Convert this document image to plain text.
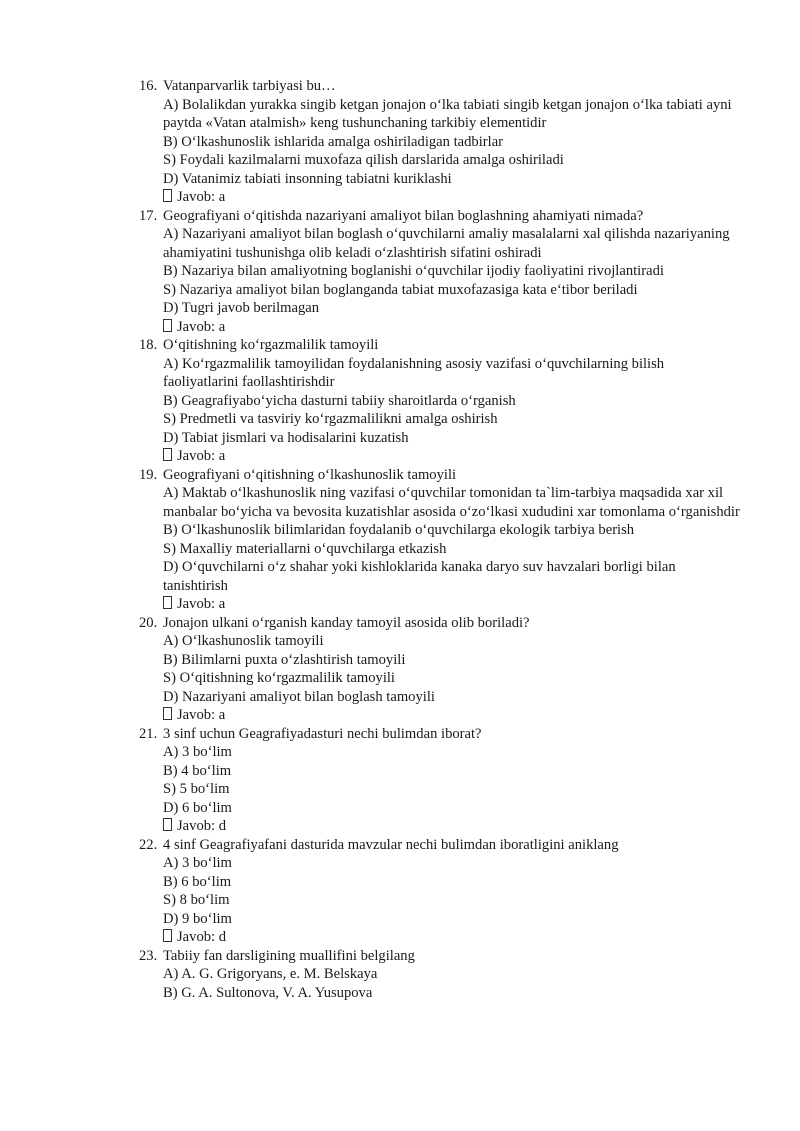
16. Vatanparvarlik tarbiyasi bu…
A) Bolalikdan yurakka singib ketgan jonajon o‘lka tabiati singib ketgan jonajon o‘lka tabiati ayni paytda «Vatan atalmish» keng tushunchaning tarkibiy elementidir
B) O‘lkashunoslik ishlarida amalga oshiriladigan tadbirlar
S) Foydali kazilmalarni muxofaza qilish darslarida amalga oshiriladi
D) Vatanimiz tabiati insonning tabiatni kuriklashi
Javob: a
17. Geografiyani o‘qitishda nazariyani amaliyot bilan boglashning ahamiyati nimada?
A) Nazariyani amaliyot bilan boglash o‘quvchilarni amaliy masalalarni xal qilishda nazariyaning ahamiyatini tushunishga olib keladi o‘zlashtirish sifatini oshiradi
B) Nazariya bilan amaliyotning boglanishi o‘quvchilar ijodiy faoliyatini rivojlantiradi
S) Nazariya amaliyot bilan boglanganda tabiat muxofazasiga kata e‘tibor beriladi
D) Tugri javob berilmagan
Javob: a
18. O‘qitishning ko‘rgazmalilik tamoyili
A) Ko‘rgazmalilik tamoyilidan foydalanishning asosiy vazifasi o‘quvchilarning bilish faoliyatlarini faollashtirishdir
B) Geagrafiyabo‘yicha dasturni tabiiy sharoitlarda o‘rganish
S) Predmetli va tasviriy ko‘rgazmalilikni amalga oshirish
D) Tabiat jismlari va hodisalarini kuzatish
Javob: a
19. Geografiyani o‘qitishning o‘lkashunoslik tamoyili
A) Maktab o‘lkashunoslik ning vazifasi o‘quvchilar tomonidan ta`lim-tarbiya maqsadida xar xil manbalar bo‘yicha va bevosita kuzatishlar asosida o‘zo‘lkasi xududini xar tomonlama o‘rganishdir
B) O‘lkashunoslik bilimlaridan foydalanib o‘quvchilarga ekologik tarbiya berish
S) Maxalliy materiallarni o‘quvchilarga etkazish
D) O‘quvchilarni o‘z shahar yoki kishloklarida kanaka daryo suv havzalari borligi bilan tanishtirish
Javob: a
20. Jonajon ulkani o‘rganish kanday tamoyil asosida olib boriladi?
A) O‘lkashunoslik tamoyili
B) Bilimlarni puxta o‘zlashtirish tamoyili
S) O‘qitishning ko‘rgazmalilik tamoyili
D) Nazariyani amaliyot bilan boglash tamoyili
Javob: a
21. 3 sinf uchun Geagrafiyadasturi nechi bulimdan iborat?
A) 3 bo‘lim
B) 4 bo‘lim
S) 5 bo‘lim
D) 6 bo‘lim
Javob: d
22. 4 sinf Geagrafiyafani dasturida mavzular nechi bulimdan iboratligini aniklang
A) 3 bo‘lim
B) 6 bo‘lim
S) 8 bo‘lim
D) 9 bo‘lim
Javob: d
23. Tabiiy fan darsligining muallifini belgilang
A) A. G. Grigoryans, e. M. Belskaya
B) G. A. Sultonova, V. A. Yusupova
